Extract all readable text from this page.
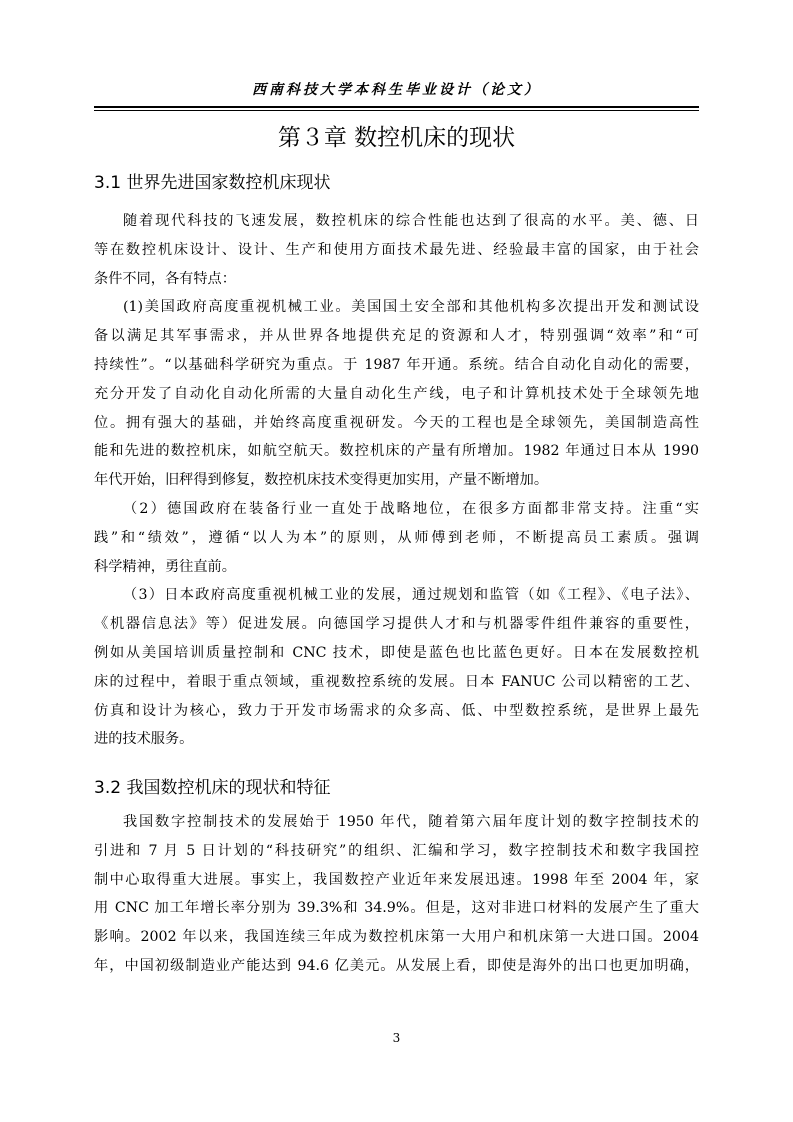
西南科技大学本科生毕业设计（论文）
第３章 数控机床的现状
3.1 世界先进国家数控机床现状
随着现代科技的飞速发展，数控机床的综合性能也达到了很高的水平。美、德、日
等在数控机床设计、设计、生产和使用方面技术最先进、经验最丰富的国家，由于社会
条件不同，各有特点：
(1)美国政府高度重视机械工业。美国国土安全部和其他机构多次提出开发和测试设
备以满足其军事需求，并从世界各地提供充足的资源和人才，特别强调“效率”和“可
持续性”。“以基础科学研究为重点。于 1987 年开通。系统。结合自动化自动化的需要，
充分开发了自动化自动化所需的大量自动化生产线，电子和计算机技术处于全球领先地
位。拥有强大的基础，并始终高度重视研发。今天的工程也是全球领先，美国制造高性
能和先进的数控机床，如航空航天。数控机床的产量有所增加。1982 年通过日本从 1990
年代开始，旧秤得到修复，数控机床技术变得更加实用，产量不断增加。
（2）德国政府在装备行业一直处于战略地位，在很多方面都非常支持。注重“实
践”和“绩效”，遵循“以人为本”的原则，从师傅到老师，不断提高员工素质。强调
科学精神，勇往直前。
（3）日本政府高度重视机械工业的发展，通过规划和监管（如《工程》、《电子法》、
《机器信息法》等）促进发展。向德国学习提供人才和与机器零件组件兼容的重要性，
例如从美国培训质量控制和 CNC 技术，即使是蓝色也比蓝色更好。日本在发展数控机
床的过程中，着眼于重点领域，重视数控系统的发展。日本 FANUC 公司以精密的工艺、
仿真和设计为核心，致力于开发市场需求的众多高、低、中型数控系统，是世界上最先
进的技术服务。
3.2 我国数控机床的现状和特征
我国数字控制技术的发展始于 1950 年代，随着第六届年度计划的数字控制技术的
引进和 7 月 5 日计划的“科技研究”的组织、汇编和学习，数字控制技术和数字我国控
制中心取得重大进展。事实上，我国数控产业近年来发展迅速。1998 年至 2004 年，家
用 CNC 加工年增长率分别为 39.3%和 34.9%。但是，这对非进口材料的发展产生了重大
影响。2002 年以来，我国连续三年成为数控机床第一大用户和机床第一大进口国。2004
年，中国初级制造业产能达到 94.6 亿美元。从发展上看，即使是海外的出口也更加明确，
3
